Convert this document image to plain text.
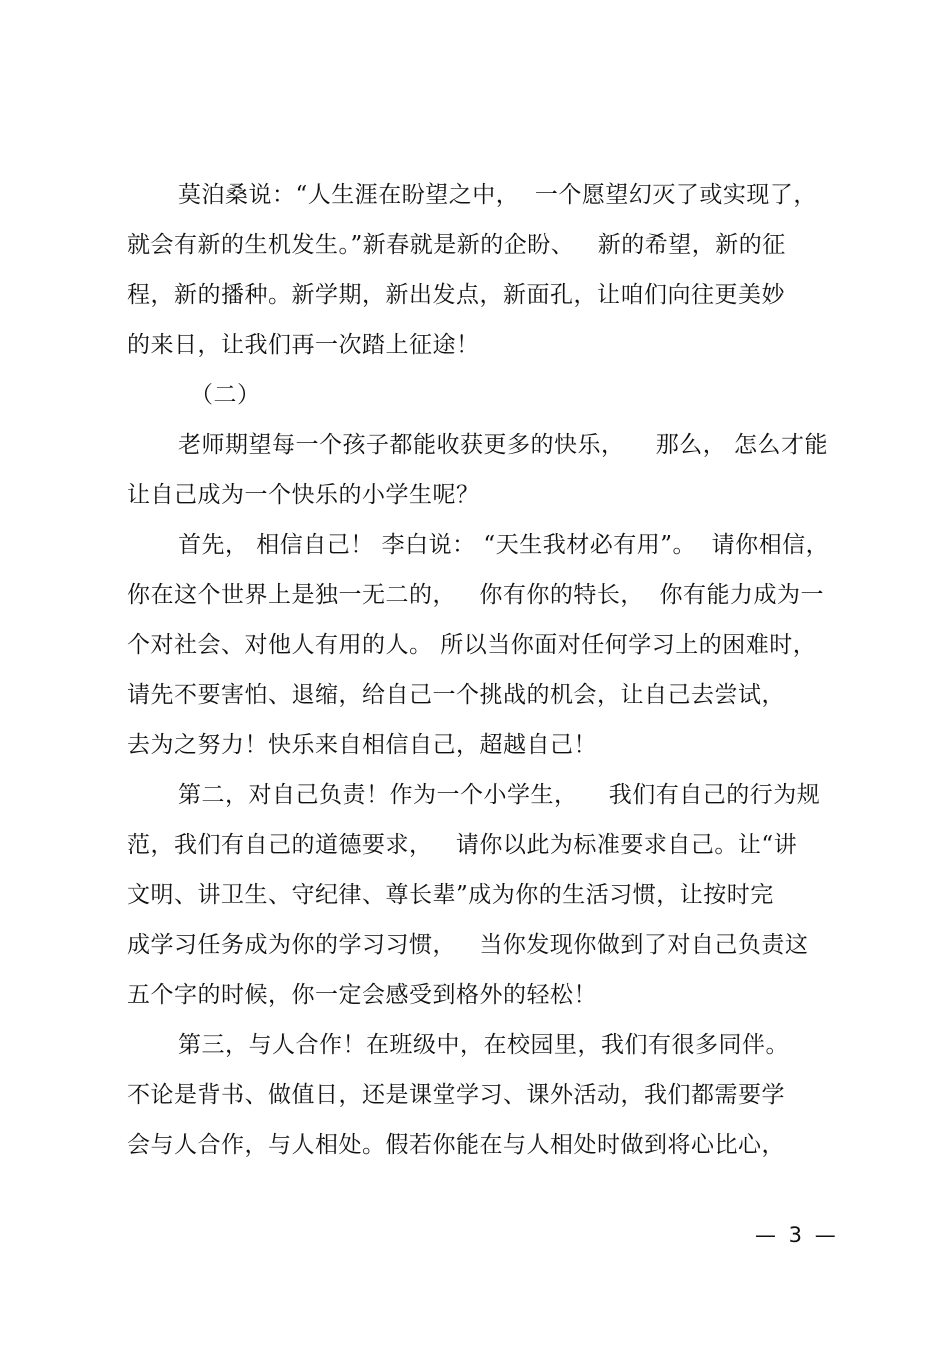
莫泊桑说：“人生涯在盼望之中，  一个愿望幻灭了或实现了，
就会有新的生机发生。”新春就是新的企盼、   新的希望，新的征
程，新的播种。新学期，新出发点，新面孔，让咱们向往更美妙
的来日，让我们再一次踏上征途！
（二）
老师期望每一个孩子都能收获更多的快乐，    那么， 怎么才能
让自己成为一个快乐的小学生呢？
首先， 相信自己！ 李白说： “天生我材必有用”。  请你相信，
你在这个世界上是独一无二的，   你有你的特长，  你有能力成为一
个对社会、对他人有用的人。 所以当你面对任何学习上的困难时，
请先不要害怕、退缩，给自己一个挑战的机会，让自己去尝试，
去为之努力！快乐来自相信自己，超越自己！
第二，对自己负责！作为一个小学生，    我们有自己的行为规
范，我们有自己的道德要求，   请你以此为标准要求自己。让“讲
文明、讲卫生、守纪律、尊长辈”成为你的生活习惯，让按时完
成学习任务成为你的学习习惯，   当你发现你做到了对自己负责这
五个字的时候，你一定会感受到格外的轻松！
第三，与人合作！在班级中，在校园里，我们有很多同伴。
不论是背书、做值日，还是课堂学习、课外活动，我们都需要学
会与人合作，与人相处。假若你能在与人相处时做到将心比心，
— 3 —
